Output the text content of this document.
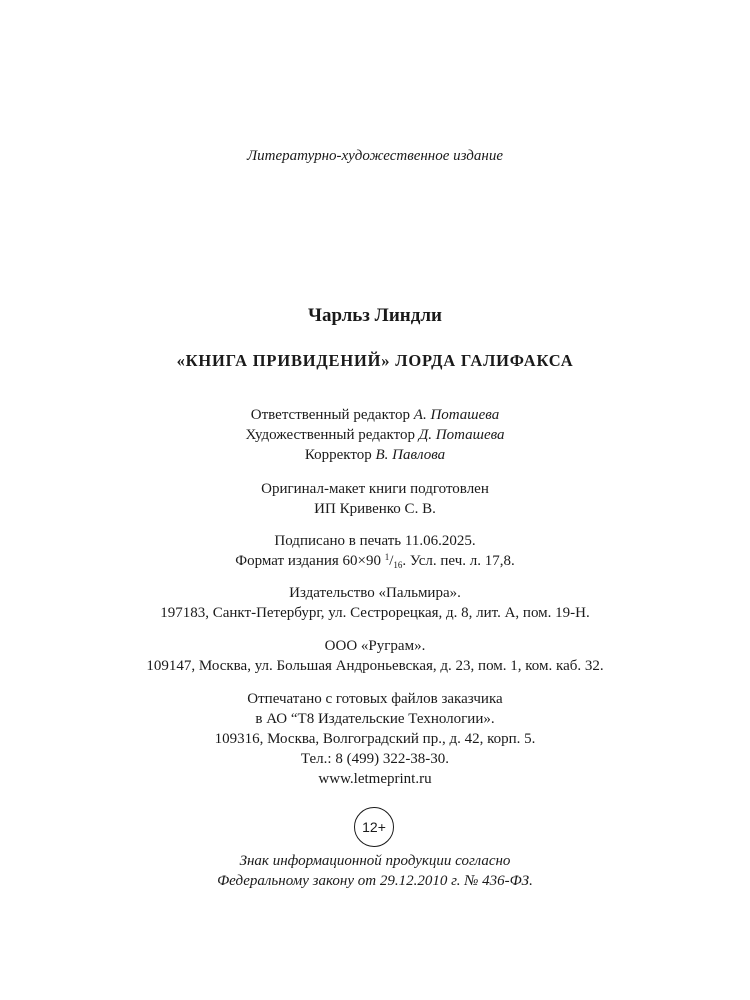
Литературно-художественное издание
Чарльз Линдли
«КНИГА ПРИВИДЕНИЙ» ЛОРДА ГАЛИФАКСА
Ответственный редактор А. Поташева
Художественный редактор Д. Поташева
Корректор В. Павлова
Оригинал-макет книги подготовлен
ИП Кривенко С. В.
Подписано в печать 11.06.2025.
Формат издания 60×90 $^1/_{16}$. Усл. печ. л. 17,8.
Издательство «Пальмира».
197183, Санкт-Петербург, ул. Сестрорецкая, д. 8, лит. А, пом. 19-Н.
ООО «Руграм».
109147, Москва, ул. Большая Андроньевская, д. 23, пом. 1, ком. каб. 32.
Отпечатано с готовых файлов заказчика
в АО “Т8 Издательские Технологии».
109316, Москва, Волгоградский пр., д. 42, корп. 5.
Тел.: 8 (499) 322-38-30.
www.letmeprint.ru
12+
Знак информационной продукции согласно
Федеральному закону от 29.12.2010 г. № 436-ФЗ.
